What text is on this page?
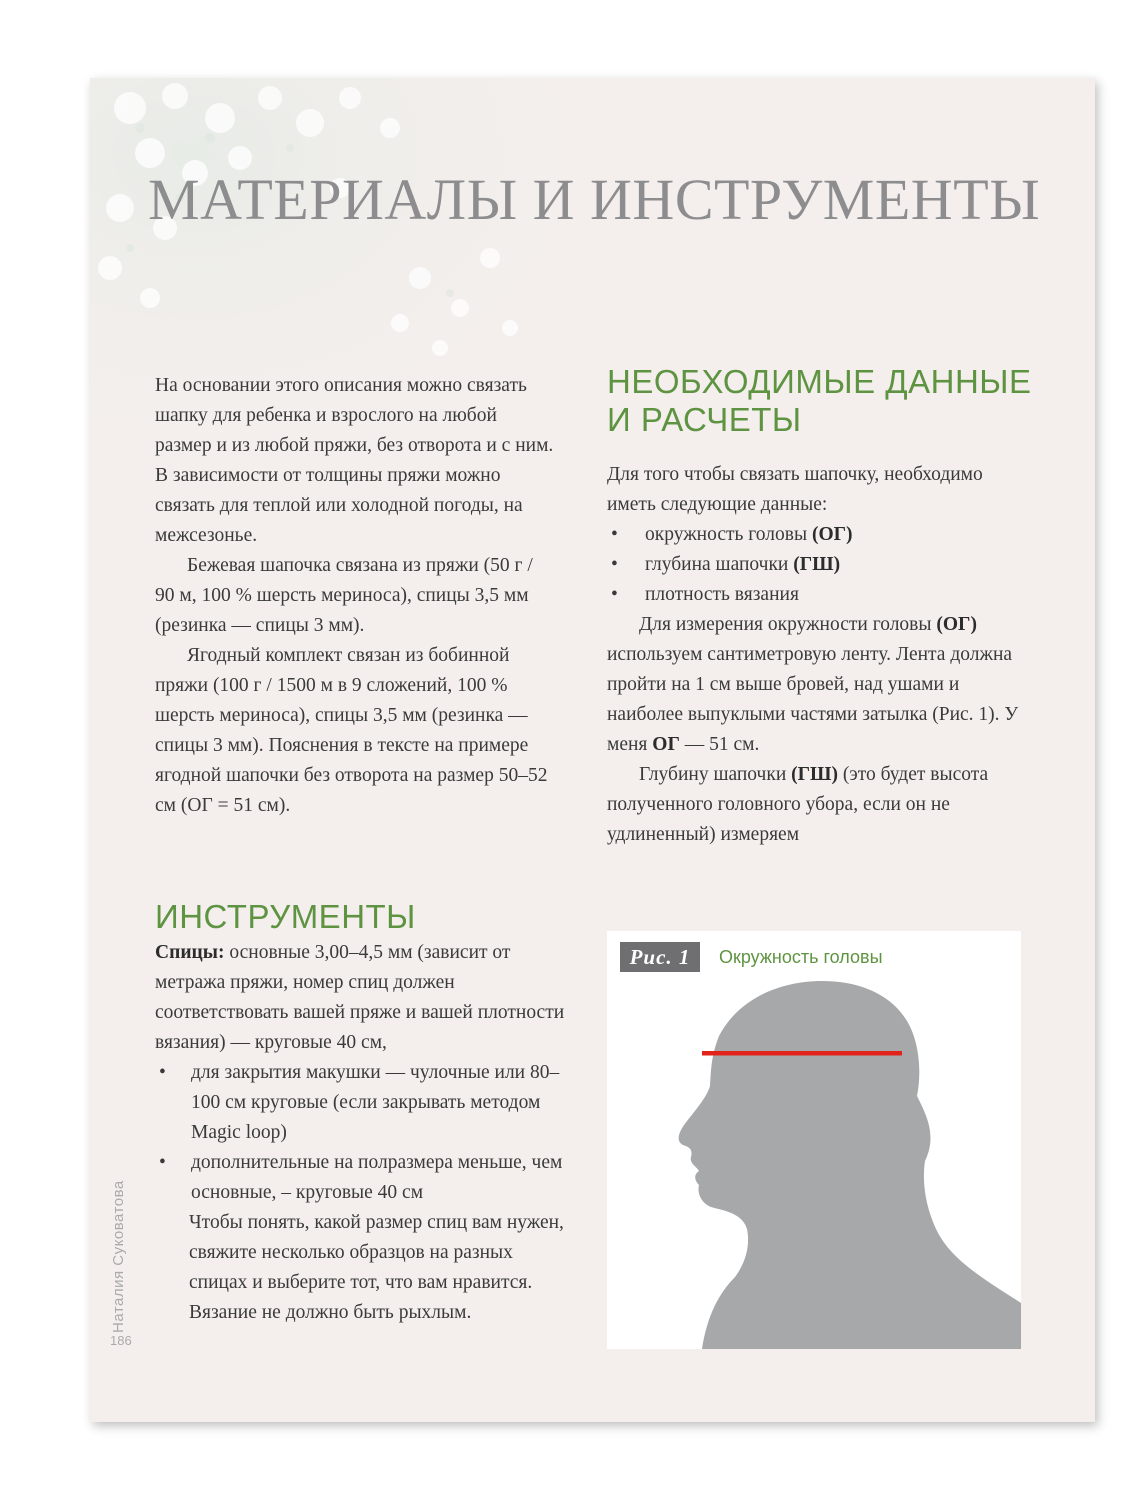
МАТЕРИАЛЫ И ИНСТРУМЕНТЫ

На основании этого описания можно связать шапку для ребенка и взрослого на любой размер и из любой пряжи, без отворота и с ним. В зависимости от толщины пряжи можно связать для теплой или холодной погоды, на межсезонье.

Бежевая шапочка связана из пряжи (50 г / 90 м, 100 % шерсть мериноса), спицы 3,5 мм (резинка — спицы 3 мм).

Ягодный комплект связан из бобинной пряжи (100 г / 1500 м в 9 сложений, 100 % шерсть мериноса), спицы 3,5 мм (резинка — спицы 3 мм). Пояснения в тексте на примере ягодной шапочки без отворота на размер 50–52 см (ОГ = 51 см).

ИНСТРУМЕНТЫ

Спицы: основные 3,00–4,5 мм (зависит от метража пряжи, номер спиц должен соответствовать вашей пряже и вашей плотности вязания) — круговые 40 см,

• для закрытия макушки — чулочные или 80–100 см круговые (если закрывать методом Magic loop)
• дополнительные на полразмера меньше, чем основные, – круговые 40 см

Чтобы понять, какой размер спиц вам нужен, свяжите несколько образцов на разных спицах и выберите тот, что вам нравится. Вязание не должно быть рыхлым.

НЕОБХОДИМЫЕ ДАННЫЕ И РАСЧЕТЫ

Для того чтобы связать шапочку, необходимо иметь следующие данные:

• окружность головы (ОГ)
• глубина шапочки (ГШ)
• плотность вязания

Для измерения окружности головы (ОГ) используем сантиметровую ленту. Лента должна пройти на 1 см выше бровей, над ушами и наиболее выпуклыми частями затылка (Рис. 1). У меня ОГ — 51 см.

Глубину шапочки (ГШ) (это будет высота полученного головного убора, если он не удлиненный) измеряем

Рис. 1	Окружность головы
Наталия Суковатова
186
